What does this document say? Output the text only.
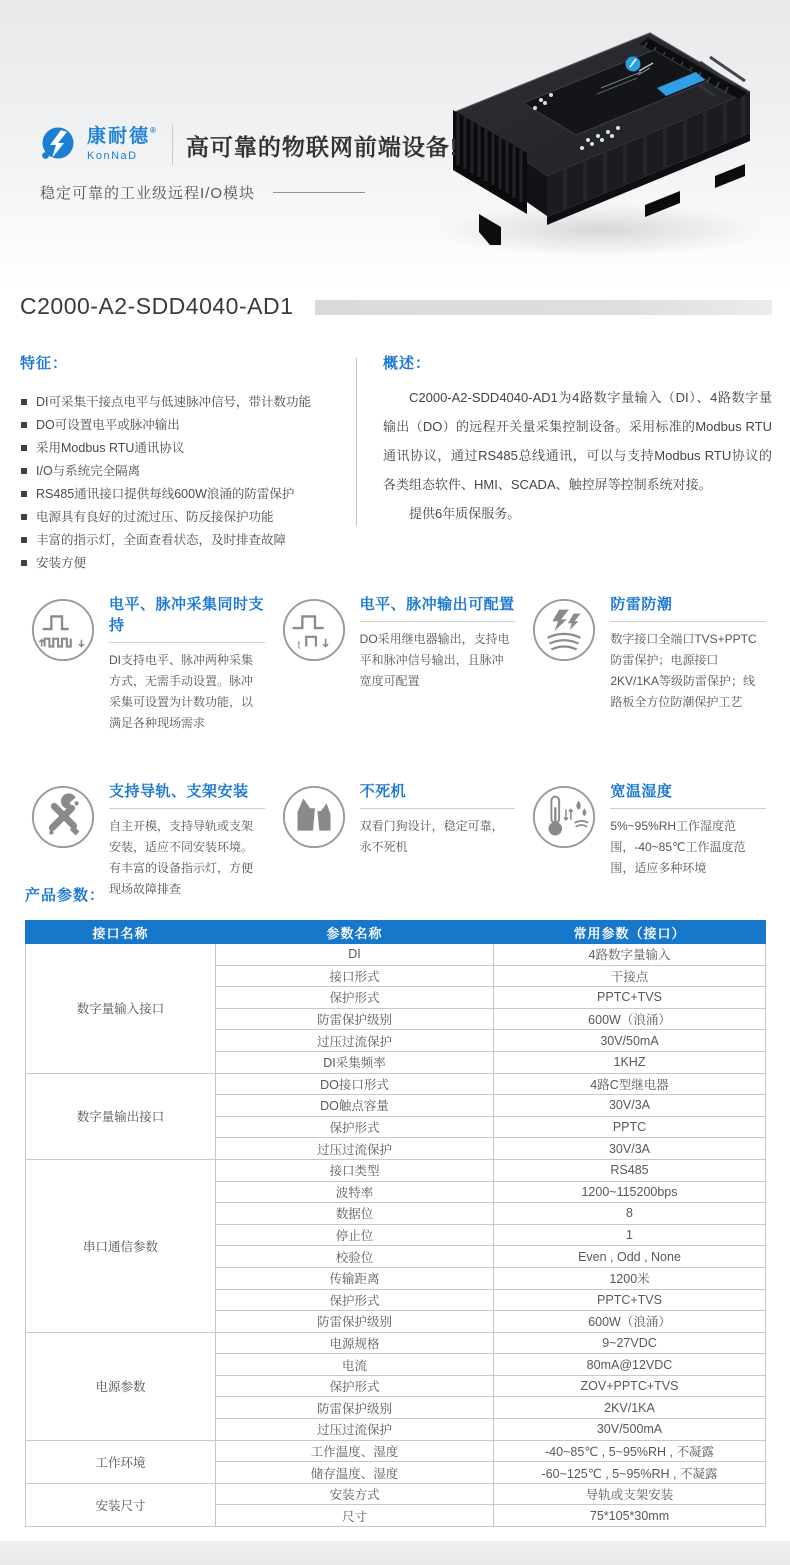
康耐德®
KonNaD	高可靠的物联网前端设备!
稳定可靠的工业级远程I/O模块
C2000-A2-SDD4040-AD1
特征：
DI可采集干接点电平与低速脉冲信号，带计数功能
DO可设置电平或脉冲输出
采用Modbus RTU通讯协议
I/O与系统完全隔离
RS485通讯接口提供每线600W浪涌的防雷保护
电源具有良好的过流过压、防反接保护功能
丰富的指示灯，全面查看状态，及时排查故障
安装方便
概述：

C2000-A2-SDD4040-AD1为4路数字量输入（DI）、4路数字量输出（DO）的远程开关量采集控制设备。采用标准的Modbus RTU通讯协议，通过RS485总线通讯，可以与支持Modbus RTU协议的各类组态软件、HMI、SCADA、触控屏等控制系统对接。

提供6年质保服务。

电平、脉冲采集同时支持
DI支持电平、脉冲两种采集方式，无需手动设置。脉冲采集可设置为计数功能，以满足各种现场需求
t
电平、脉冲输出可配置
DO采用继电器输出，支持电平和脉冲信号输出，且脉冲宽度可配置
防雷防潮
数字接口全端口TVS+PPTC防雷保护；电源接口2KV/1KA等级防雷保护；线路板全方位防潮保护工艺
支持导轨、支架安装
自主开模，支持导轨或支架安装，适应不同安装环境。有丰富的设备指示灯，方便现场故障排查
不死机
双看门狗设计，稳定可靠，永不死机
宽温湿度
5%~95%RH工作湿度范围，-40~85℃工作温度范围，适应多种环境
产品参数：
接口名称	参数名称	常用参数（接口）
数字量输入接口	DI	4路数字量输入
	接口形式	干接点
	保护形式	PPTC+TVS
	防雷保护级别	600W（浪涌）
	过压过流保护	30V/50mA
	DI采集频率	1KHZ
数字量输出接口	DO接口形式	4路C型继电器
	DO触点容量	30V/3A
	保护形式	PPTC
	过压过流保护	30V/3A
串口通信参数	接口类型	RS485
	波特率	1200~115200bps
	数据位	8
	停止位	1
	校验位	Even , Odd , None
	传输距离	1200米
	保护形式	PPTC+TVS
	防雷保护级别	600W（浪涌）
电源参数	电源规格	9~27VDC
	电流	80mA@12VDC
	保护形式	ZOV+PPTC+TVS
	防雷保护级别	2KV/1KA
	过压过流保护	30V/500mA
工作环境	工作温度、湿度	-40~85℃ , 5~95%RH , 不凝露
	储存温度、湿度	-60~125℃ , 5~95%RH , 不凝露
安装尺寸	安装方式	导轨或支架安装
	尺寸	75*105*30mm
